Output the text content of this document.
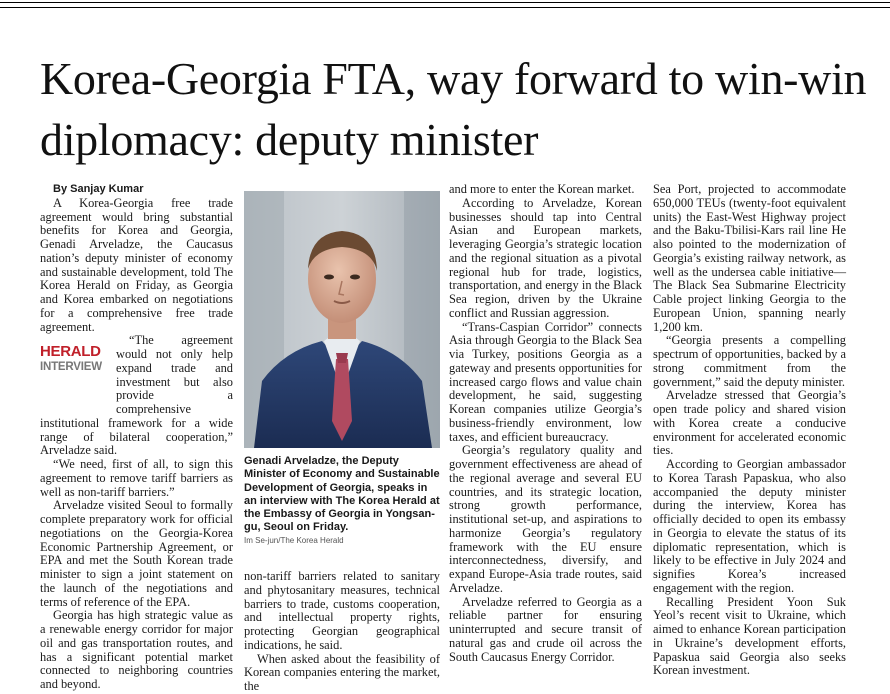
Korea-Georgia FTA, way forward to win-win diplomacy: deputy minister

By Sanjay Kumar

A Korea-Georgia free trade agreement would bring substantial benefits for Korea and Georgia, Genadi Arveladze, the Caucasus nation’s deputy minister of economy and sustainable development, told The Korea Herald on Friday, as Georgia and Korea embarked on negotiations for a comprehensive free trade agreement.

HERALD
INTERVIEW

“The agreement would not only help expand trade and investment but also provide a comprehensive institutional framework for a wide range of bilateral cooperation,” Arveladze said.

“We need, first of all, to sign this agreement to remove tariff barriers as well as non-tariff barriers.”

Arveladze visited Seoul to formally complete preparatory work for official negotiations on the Georgia-Korea Economic Partnership Agreement, or EPA and met the South Korean trade minister to sign a joint statement on the launch of the negotiations and terms of reference of the EPA.

Georgia has high strategic value as a renewable energy corridor for major oil and gas transportation routes, and has a significant potential market connected to neighboring countries and beyond.

Genadi Arveladze, the Deputy Minister of Economy and Sustainable Development of Georgia, speaks in an interview with The Korea Herald at the Embassy of Georgia in Yongsan-gu, Seoul on Friday.

Im Se-jun/The Korea Herald

non-tariff barriers related to sanitary and phytosanitary measures, technical barriers to trade, customs cooperation, and intellectual property rights, protecting Georgian geographical indications, he said.

When asked about the feasibility of Korean companies entering the market, the

and more to enter the Korean market.

According to Arveladze, Korean businesses should tap into Central Asian and European markets, leveraging Georgia’s strategic location and the regional situation as a pivotal regional hub for trade, logistics, transportation, and energy in the Black Sea region, driven by the Ukraine conflict and Russian aggression.

“Trans-Caspian Corridor” connects Asia through Georgia to the Black Sea via Turkey, positions Georgia as a gateway and presents opportunities for increased cargo flows and value chain development, he said, suggesting Korean companies utilize Georgia’s business-friendly environment, low taxes, and efficient bureaucracy.

Georgia’s regulatory quality and government effectiveness are ahead of the regional average and several EU countries, and its strategic location, strong growth performance, institutional set-up, and aspirations to harmonize Georgia’s regulatory framework with the EU ensure interconnectedness, diversify, and expand Europe-Asia trade routes, said Arveladze.

Arveladze referred to Georgia as a reliable partner for ensuring uninterrupted and secure transit of natural gas and crude oil across the South Caucasus Energy Corridor.

Sea Port, projected to accommodate 650,000 TEUs (twenty-foot equivalent units) the East-West Highway project and the Baku-Tbilisi-Kars rail line He also pointed to the modernization of Georgia’s existing railway network, as well as the undersea cable initiative—The Black Sea Submarine Electricity Cable project linking Georgia to the European Union, spanning nearly 1,200 km.

“Georgia presents a compelling spectrum of opportunities, backed by a strong commitment from the government,” said the deputy minister.

Arveladze stressed that Georgia’s open trade policy and shared vision with Korea create a conducive environment for accelerated economic ties.

According to Georgian ambassador to Korea Tarash Papaskua, who also accompanied the deputy minister during the interview, Korea has officially decided to open its embassy in Georgia to elevate the status of its diplomatic representation, which is likely to be effective in July 2024 and signifies Korea’s increased engagement with the region.

Recalling President Yoon Suk Yeol’s recent visit to Ukraine, which aimed to enhance Korean participation in Ukraine’s development efforts, Papaskua said Georgia also seeks Korean investment.
